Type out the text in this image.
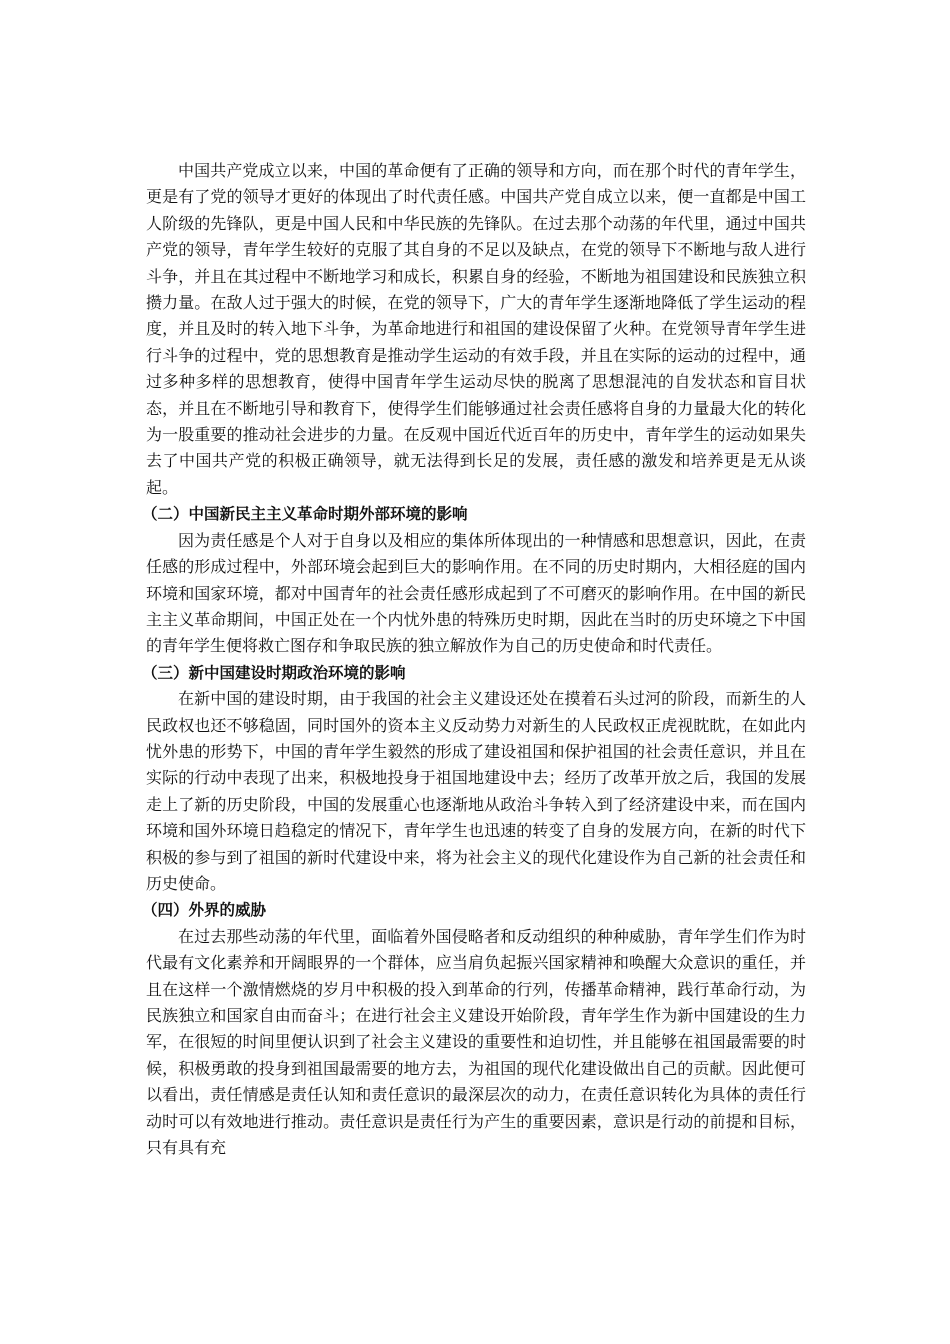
中国共产党成立以来，中国的革命便有了正确的领导和方向，而在那个时代的青年学生，更是有了党的领导才更好的体现出了时代责任感。中国共产党自成立以来，便一直都是中国工人阶级的先锋队，更是中国人民和中华民族的先锋队。在过去那个动荡的年代里，通过中国共产党的领导，青年学生较好的克服了其自身的不足以及缺点，在党的领导下不断地与敌人进行斗争，并且在其过程中不断地学习和成长，积累自身的经验，不断地为祖国建设和民族独立积攒力量。在敌人过于强大的时候，在党的领导下，广大的青年学生逐渐地降低了学生运动的程度，并且及时的转入地下斗争，为革命地进行和祖国的建设保留了火种。在党领导青年学生进行斗争的过程中，党的思想教育是推动学生运动的有效手段，并且在实际的运动的过程中，通过多种多样的思想教育，使得中国青年学生运动尽快的脱离了思想混沌的自发状态和盲目状态，并且在不断地引导和教育下，使得学生们能够通过社会责任感将自身的力量最大化的转化为一股重要的推动社会进步的力量。在反观中国近代近百年的历史中，青年学生的运动如果失去了中国共产党的积极正确领导，就无法得到长足的发展，责任感的激发和培养更是无从谈起。

（二）中国新民主主义革命时期外部环境的影响

因为责任感是个人对于自身以及相应的集体所体现出的一种情感和思想意识，因此，在责任感的形成过程中，外部环境会起到巨大的影响作用。在不同的历史时期内，大相径庭的国内环境和国家环境，都对中国青年的社会责任感形成起到了不可磨灭的影响作用。在中国的新民主主义革命期间，中国正处在一个内忧外患的特殊历史时期，因此在当时的历史环境之下中国的青年学生便将救亡图存和争取民族的独立解放作为自己的历史使命和时代责任。

（三）新中国建设时期政治环境的影响

在新中国的建设时期，由于我国的社会主义建设还处在摸着石头过河的阶段，而新生的人民政权也还不够稳固，同时国外的资本主义反动势力对新生的人民政权正虎视眈眈，在如此内忧外患的形势下，中国的青年学生毅然的形成了建设祖国和保护祖国的社会责任意识，并且在实际的行动中表现了出来，积极地投身于祖国地建设中去；经历了改革开放之后，我国的发展走上了新的历史阶段，中国的发展重心也逐渐地从政治斗争转入到了经济建设中来，而在国内环境和国外环境日趋稳定的情况下，青年学生也迅速的转变了自身的发展方向，在新的时代下积极的参与到了祖国的新时代建设中来，将为社会主义的现代化建设作为自己新的社会责任和历史使命。

（四）外界的威胁

在过去那些动荡的年代里，面临着外国侵略者和反动组织的种种威胁，青年学生们作为时代最有文化素养和开阔眼界的一个群体，应当肩负起振兴国家精神和唤醒大众意识的重任，并且在这样一个激情燃烧的岁月中积极的投入到革命的行列，传播革命精神，践行革命行动，为民族独立和国家自由而奋斗；在进行社会主义建设开始阶段，青年学生作为新中国建设的生力军，在很短的时间里便认识到了社会主义建设的重要性和迫切性，并且能够在祖国最需要的时候，积极勇敢的投身到祖国最需要的地方去，为祖国的现代化建设做出自己的贡献。因此便可以看出，责任情感是责任认知和责任意识的最深层次的动力，在责任意识转化为具体的责任行动时可以有效地进行推动。责任意识是责任行为产生的重要因素，意识是行动的前提和目标，只有具有充
